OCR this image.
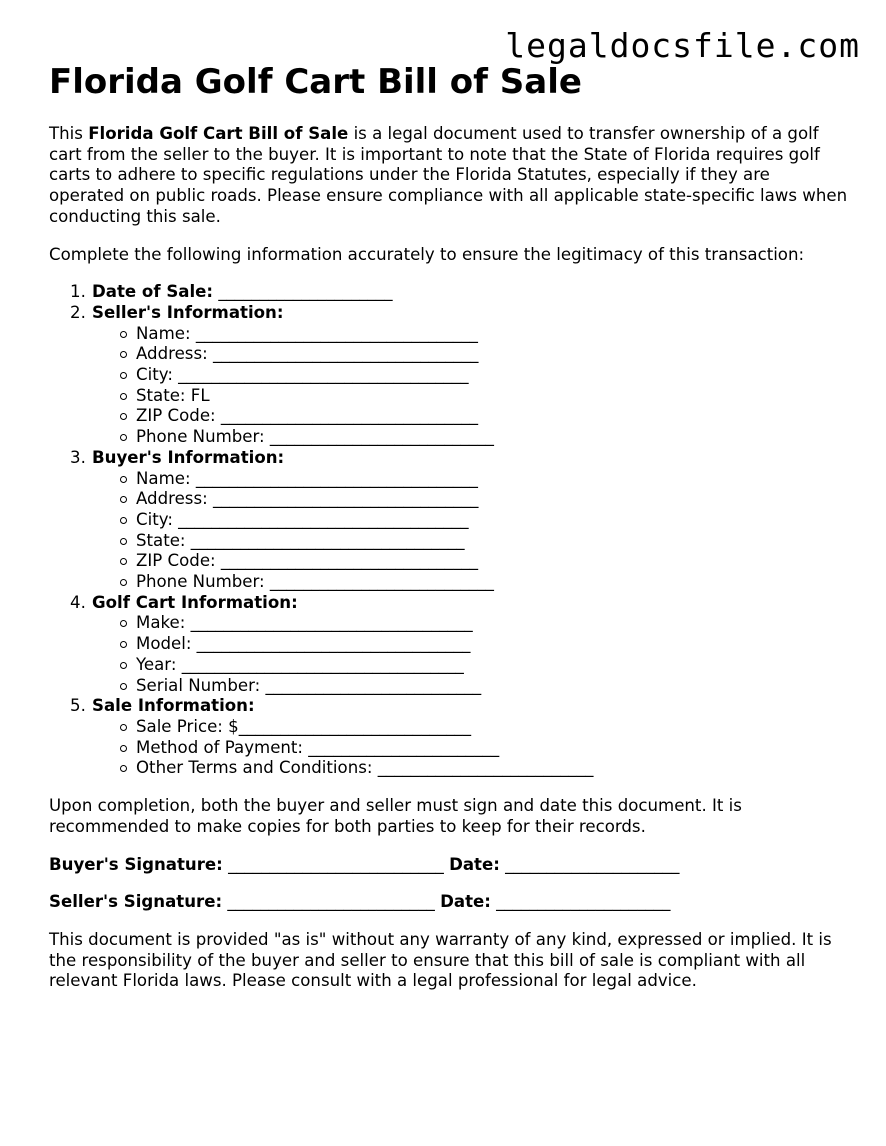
legaldocsfile.com
Florida Golf Cart Bill of Sale

This Florida Golf Cart Bill of Sale is a legal document used to transfer ownership of a golf cart from the seller to the buyer. It is important to note that the State of Florida requires golf carts to adhere to specific regulations under the Florida Statutes, especially if they are operated on public roads. Please ensure compliance with all applicable state-specific laws when conducting this sale.

Complete the following information accurately to ensure the legitimacy of this transaction:

Date of Sale: _____________________
Seller's Information:
Name: __________________________________
Address: ________________________________
City: ___________________________________
State: FL
ZIP Code: _______________________________
Phone Number: ___________________________
Buyer's Information:
Name: __________________________________
Address: ________________________________
City: ___________________________________
State: _________________________________
ZIP Code: _______________________________
Phone Number: ___________________________
Golf Cart Information:
Make: __________________________________
Model: _________________________________
Year: __________________________________
Serial Number: __________________________
Sale Information:
Sale Price: $____________________________
Method of Payment: _______________________
Other Terms and Conditions: __________________________

Upon completion, both the buyer and seller must sign and date this document. It is recommended to make copies for both parties to keep for their records.

Buyer's Signature: __________________________ Date: _____________________
Seller's Signature: _________________________ Date: _____________________

This document is provided "as is" without any warranty of any kind, expressed or implied. It is the responsibility of the buyer and seller to ensure that this bill of sale is compliant with all relevant Florida laws. Please consult with a legal professional for legal advice.
